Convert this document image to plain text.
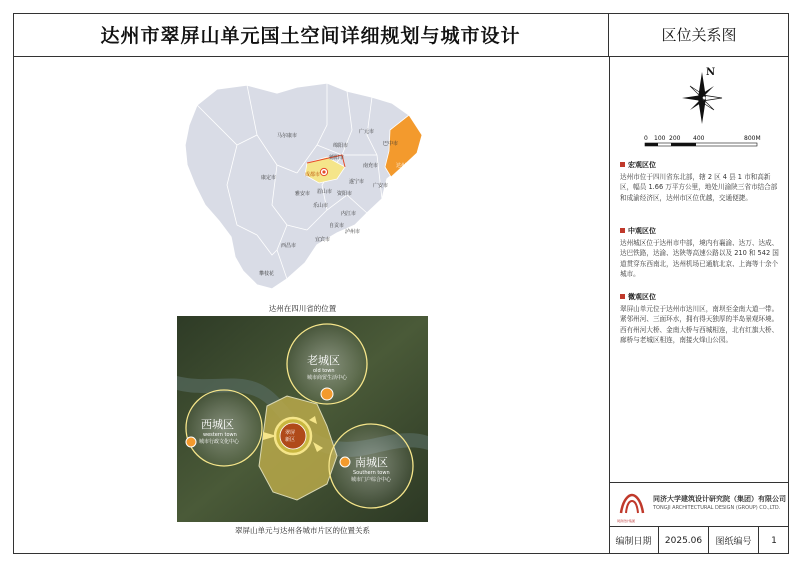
达州市翠屏山单元国土空间详细规划与城市设计	区位关系图
N
0 100 200 400	800M
宏观区位
达州市位于四川省东北部，辖 2 区 4 县 1 市和高新区，幅员 1.66 万平方公里，地处川渝陕三省市结合部和成渝经济区，达州市区位优越，交通便捷。
中观区位
达州城区位于达州市中部，境内有襄渝、达万、达成、达巴铁路，达渝、达陕等高速公路以及 210 和 542 国道贯穿东西南北，达州机场已通航北京、上海等十余个城市。
微观区位
翠屏山单元位于达州市达川区，南坝至金南大道一带。紧邻州河、三面环水，拥有得天独厚的半岛景观环境。西有州河大桥、金南大桥与西城相连，北有红旗大桥、廊桥与老城区相连，南接火烽山公园。
达州市
成都市
广元市
巴中市
绵阳市
南充市
遂宁市
德阳市
广安市
马尔康市
康定市
雅安市
乐山市
眉山市 资阳市
内江市
自贡市
宜宾市
泸州市
西昌市
攀枝花
达州在四川省的位置
翠屏
新区
老城区
old town
城市商贸生活中心
西城区
western town
城市行政文化中心
南城区
Southern town
城市门户综合中心
翠屏山单元与达州各城市片区的位置关系
同济大学建筑设计研究院（集团）有限公司
TONGJI ARCHITECTURAL DESIGN (GROUP) CO.,LTD.
同济设计集团
编制日期	2025.06	图纸编号	1
